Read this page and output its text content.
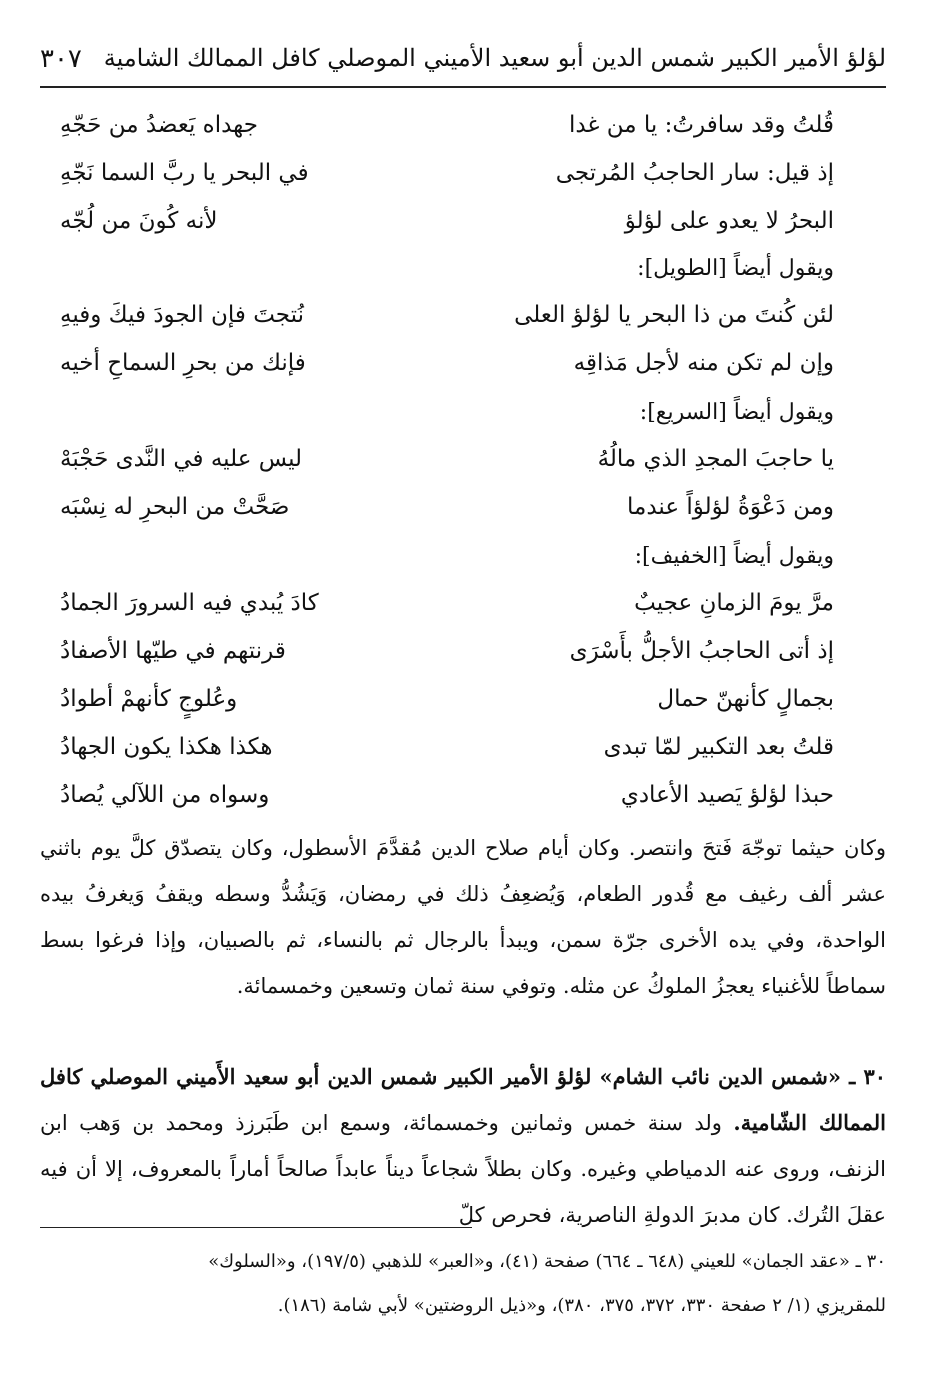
لؤلؤ الأمير الكبير شمس الدين أبو سعيد الأميني الموصلي كافل الممالك الشامية
٣٠٧
قُلتُ وقد سافرتُ: يا من غدا
جهداه يَعضدُ من حَجّهِ
إذ قيل: سار الحاجبُ المُرتجى
في البحر يا ربَّ السما نَجّهِ
البحرُ لا يعدو على لؤلؤ
لأنه كُونَ من لُجّه
ويقول أيضاً [الطويل]:
لئن كُنتَ من ذا البحر يا لؤلؤ العلى
نُتجتَ فإن الجودَ فيكَ وفيهِ
وإن لم تكن منه لأجل مَذاقِه
فإنك من بحرِ السماحِ أخيه
ويقول أيضاً [السريع]:
يا حاجبَ المجدِ الذي مالُهُ
ليس عليه في النَّدى حَجْبَهْ
ومن دَعْوَةُ لؤلؤاً عندما
صَحَّتْ من البحرِ له نِسْبَه
ويقول أيضاً [الخفيف]:
مرَّ يومَ الزمانِ عجيبٌ
كادَ يُبدي فيه السرورَ الجمادُ
إذ أتى الحاجبُ الأجلُّ بأَسْرَى
قرنتهم في طيّها الأصفادُ
بجمالٍ كأنهنّ حمال
وعُلوجٍ كأنهمْ أطوادُ
قلتُ بعد التكبير لمّا تبدى
هكذا هكذا يكون الجهادُ
حبذا لؤلؤ يَصيد الأعادي
وسواه من اللآلي يُصادُ
وكان حيثما توجّهَ فَتحَ وانتصر. وكان أيام صلاح الدين مُقدَّمَ الأسطول، وكان يتصدّق كلَّ يوم باثني عشر ألف رغيف مع قُدور الطعام، وَيُضعِفُ ذلك في رمضان، وَيَشُدُّ وسطه ويقفُ وَيغرفُ بيده الواحدة، وفي يده الأخرى جرّة سمن، ويبدأ بالرجال ثم بالنساء، ثم بالصبيان، وإذا فرغوا بسط سماطاً للأغنياء يعجزُ الملوكُ عن مثله. وتوفي سنة ثمان وتسعين وخمسمائة.
٣٠ ـ «شمس الدين نائب الشام» لؤلؤ الأمير الكبير شمس الدين أبو سعيد الأَميني الموصلي كافل الممالك الشّامية. ولد سنة خمس وثمانين وخمسمائة، وسمع ابن طَبَرزذ ومحمد بن وَهب ابن الزنف، وروى عنه الدمياطي وغيره. وكان بطلاً شجاعاً ديناً عابداً صالحاً أماراً بالمعروف، إلا أن فيه عقلَ التُرك. كان مدبرَ الدولةِ الناصرية، فحرص كلّ
٣٠ ـ «عقد الجمان» للعيني (٦٤٨ ـ ٦٦٤) صفحة (٤١)، و«العبر» للذهبي (١٩٧/٥)، و«السلوك»
للمقريزي (١/ ٢ صفحة ٣٣٠، ٣٧٢، ٣٧٥، ٣٨٠)، و«ذيل الروضتين» لأبي شامة (١٨٦).
